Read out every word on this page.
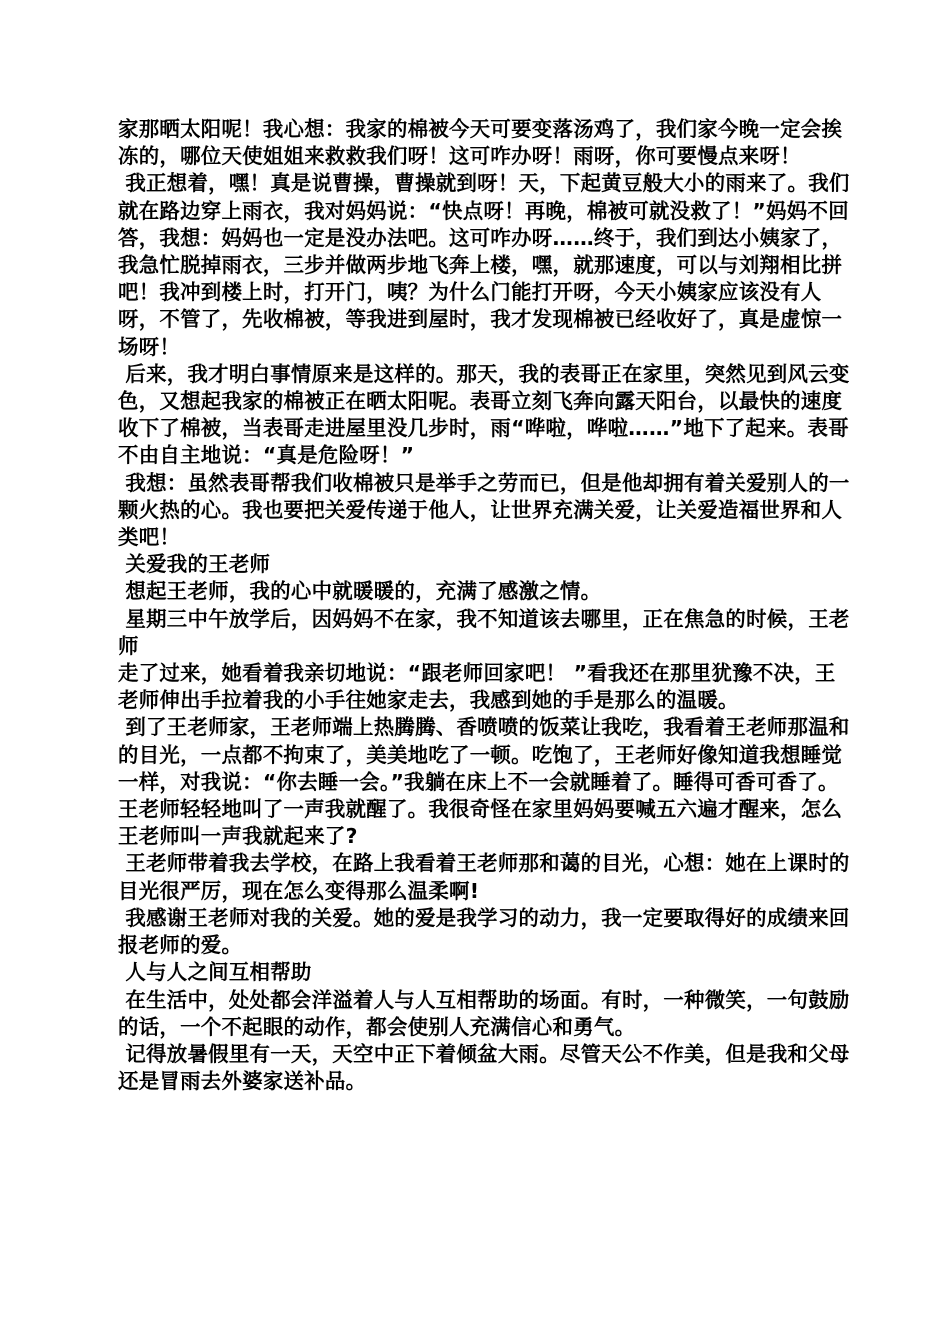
家那晒太阳呢！我心想：我家的棉被今天可要变落汤鸡了，我们家今晚一定会挨冻的，哪位天使姐姐来救救我们呀！这可咋办呀！雨呀，你可要慢点来呀！

我正想着，嘿！真是说曹操，曹操就到呀！天，下起黄豆般大小的雨来了。我们就在路边穿上雨衣，我对妈妈说：“快点呀！再晚，棉被可就没救了！”妈妈不回答，我想：妈妈也一定是没办法吧。这可咋办呀……终于，我们到达小姨家了，我急忙脱掉雨衣，三步并做两步地飞奔上楼，嘿，就那速度，可以与刘翔相比拼吧！我冲到楼上时，打开门，咦？为什么门能打开呀，今天小姨家应该没有人呀，不管了，先收棉被，等我进到屋时，我才发现棉被已经收好了，真是虚惊一场呀！

后来，我才明白事情原来是这样的。那天，我的表哥正在家里，突然见到风云变色，又想起我家的棉被正在晒太阳呢。表哥立刻飞奔向露天阳台，以最快的速度收下了棉被，当表哥走进屋里没几步时，雨“哗啦，哗啦……”地下了起来。表哥不由自主地说：“真是危险呀！”

我想：虽然表哥帮我们收棉被只是举手之劳而已，但是他却拥有着关爱别人的一颗火热的心。我也要把关爱传递于他人，让世界充满关爱，让关爱造福世界和人类吧！

关爱我的王老师

想起王老师，我的心中就暖暖的，充满了感激之情。

星期三中午放学后，因妈妈不在家，我不知道该去哪里，正在焦急的时候，王老师

走了过来，她看着我亲切地说：“跟老师回家吧！ ”看我还在那里犹豫不决，王老师伸出手拉着我的小手往她家走去，我感到她的手是那么的温暖。

到了王老师家，王老师端上热腾腾、香喷喷的饭菜让我吃，我看着王老师那温和的目光，一点都不拘束了，美美地吃了一顿。吃饱了，王老师好像知道我想睡觉一样，对我说：“你去睡一会。”我躺在床上不一会就睡着了。睡得可香可香了。王老师轻轻地叫了一声我就醒了。我很奇怪在家里妈妈要喊五六遍才醒来，怎么王老师叫一声我就起来了?

王老师带着我去学校，在路上我看着王老师那和蔼的目光，心想：她在上课时的目光很严厉，现在怎么变得那么温柔啊!

我感谢王老师对我的关爱。她的爱是我学习的动力，我一定要取得好的成绩来回报老师的爱。

人与人之间互相帮助

在生活中，处处都会洋溢着人与人互相帮助的场面。有时，一种微笑，一句鼓励的话，一个不起眼的动作，都会使别人充满信心和勇气。

记得放暑假里有一天，天空中正下着倾盆大雨。尽管天公不作美，但是我和父母还是冒雨去外婆家送补品。
